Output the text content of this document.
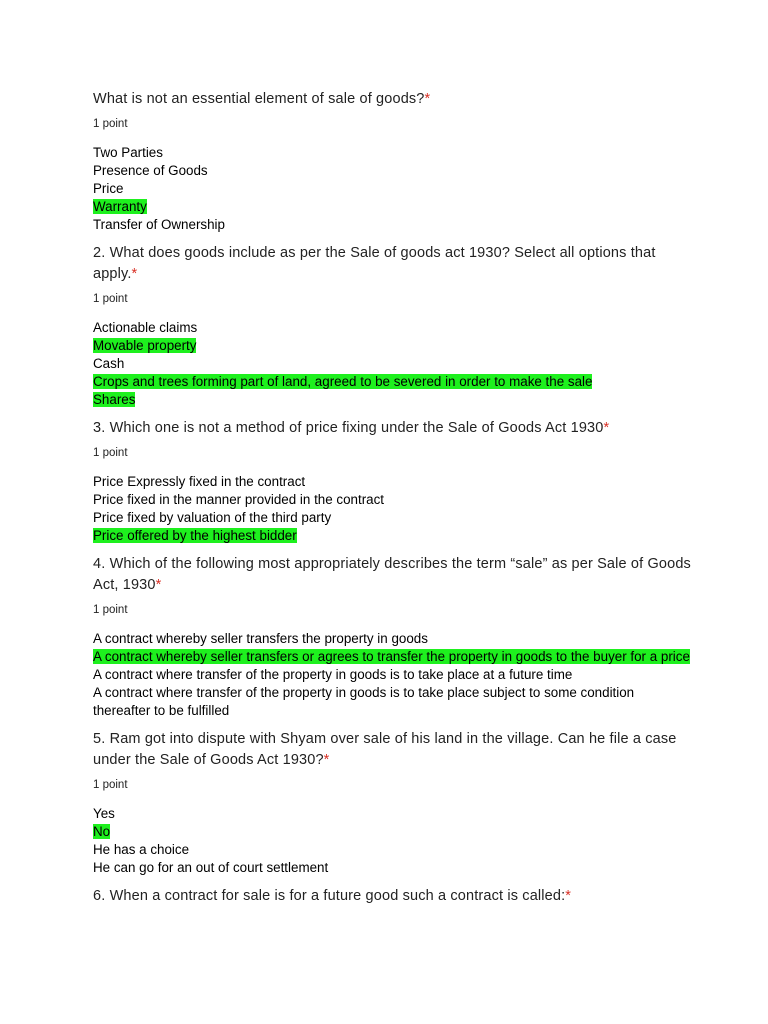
What is not an essential element of sale of goods?*

1 point

Two Parties

Presence of Goods

Price

Warranty

Transfer of Ownership

2. What does goods include as per the Sale of goods act 1930? Select all options that apply.*

1 point

Actionable claims

Movable property

Cash

Crops and trees forming part of land, agreed to be severed in order to make the sale

Shares

3. Which one is not a method of price fixing under the Sale of Goods Act 1930*

1 point

Price Expressly fixed in the contract

Price fixed in the manner provided in the contract

Price fixed by valuation of the third party

Price offered by the highest bidder

4. Which of the following most appropriately describes the term “sale” as per Sale of Goods Act, 1930*

1 point

A contract whereby seller transfers the property in goods

A contract whereby seller transfers or agrees to transfer the property in goods to the buyer for a price

A contract where transfer of the property in goods is to take place at a future time

A contract where transfer of the property in goods is to take place subject to some condition thereafter to be fulfilled

5. Ram got into dispute with Shyam over sale of his land in the village. Can he file a case under the Sale of Goods Act 1930?*

1 point

Yes

No

He has a choice

He can go for an out of court settlement

6. When a contract for sale is for a future good such a contract is called:*
